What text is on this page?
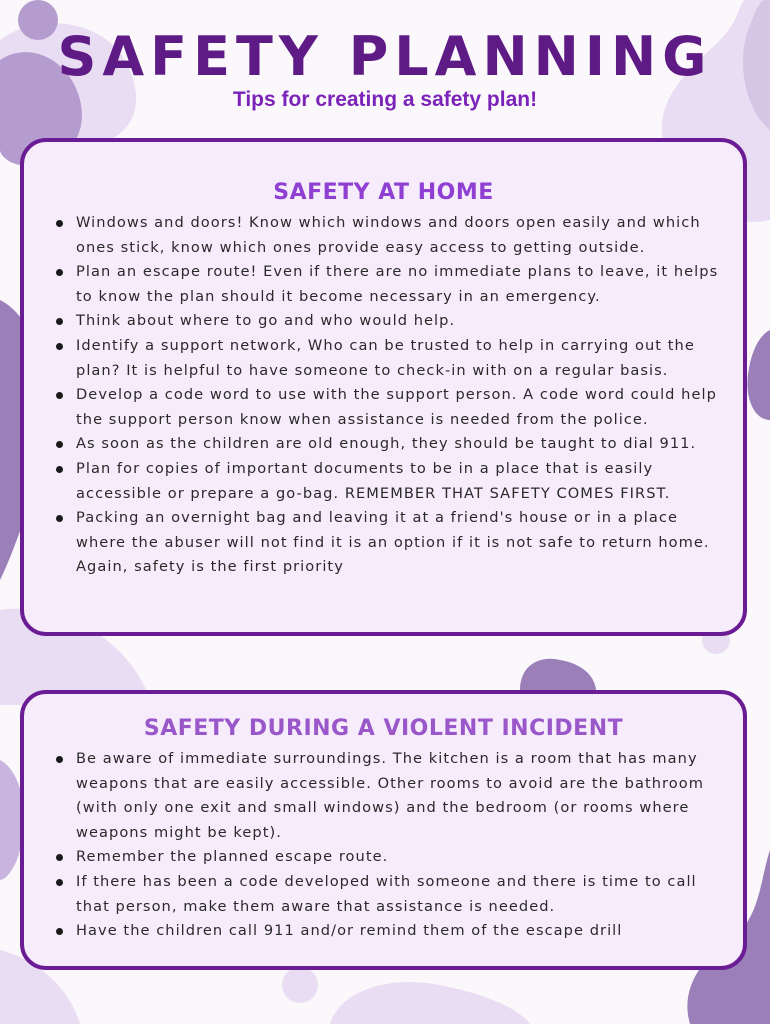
SAFETY PLANNING
Tips for creating a safety plan!
SAFETY AT HOME
Windows and doors! Know which windows and doors open easily and which ones stick, know which ones provide easy access to getting outside.
Plan an escape route! Even if there are no immediate plans to leave, it helps to know the plan should it become necessary in an emergency.
Think about where to go and who would help.
Identify a support network, Who can be trusted to help in carrying out the plan? It is helpful to have someone to check-in with on a regular basis.
Develop a code word to use with the support person. A code word could help the support person know when assistance is needed from the police.
As soon as the children are old enough, they should be taught to dial 911.
Plan for copies of important documents to be in a place that is easily accessible or prepare a go-bag. REMEMBER THAT SAFETY COMES FIRST.
Packing an overnight bag and leaving it at a friend's house or in a place where the abuser will not find it is an option if it is not safe to return home. Again, safety is the first priority
SAFETY DURING A VIOLENT INCIDENT
Be aware of immediate surroundings. The kitchen is a room that has many weapons that are easily accessible. Other rooms to avoid are the bathroom (with only one exit and small windows) and the bedroom (or rooms where weapons might be kept).
Remember the planned escape route.
If there has been a code developed with someone and there is time to call that person, make them aware that assistance is needed.
Have the children call 911 and/or remind them of the escape drill
